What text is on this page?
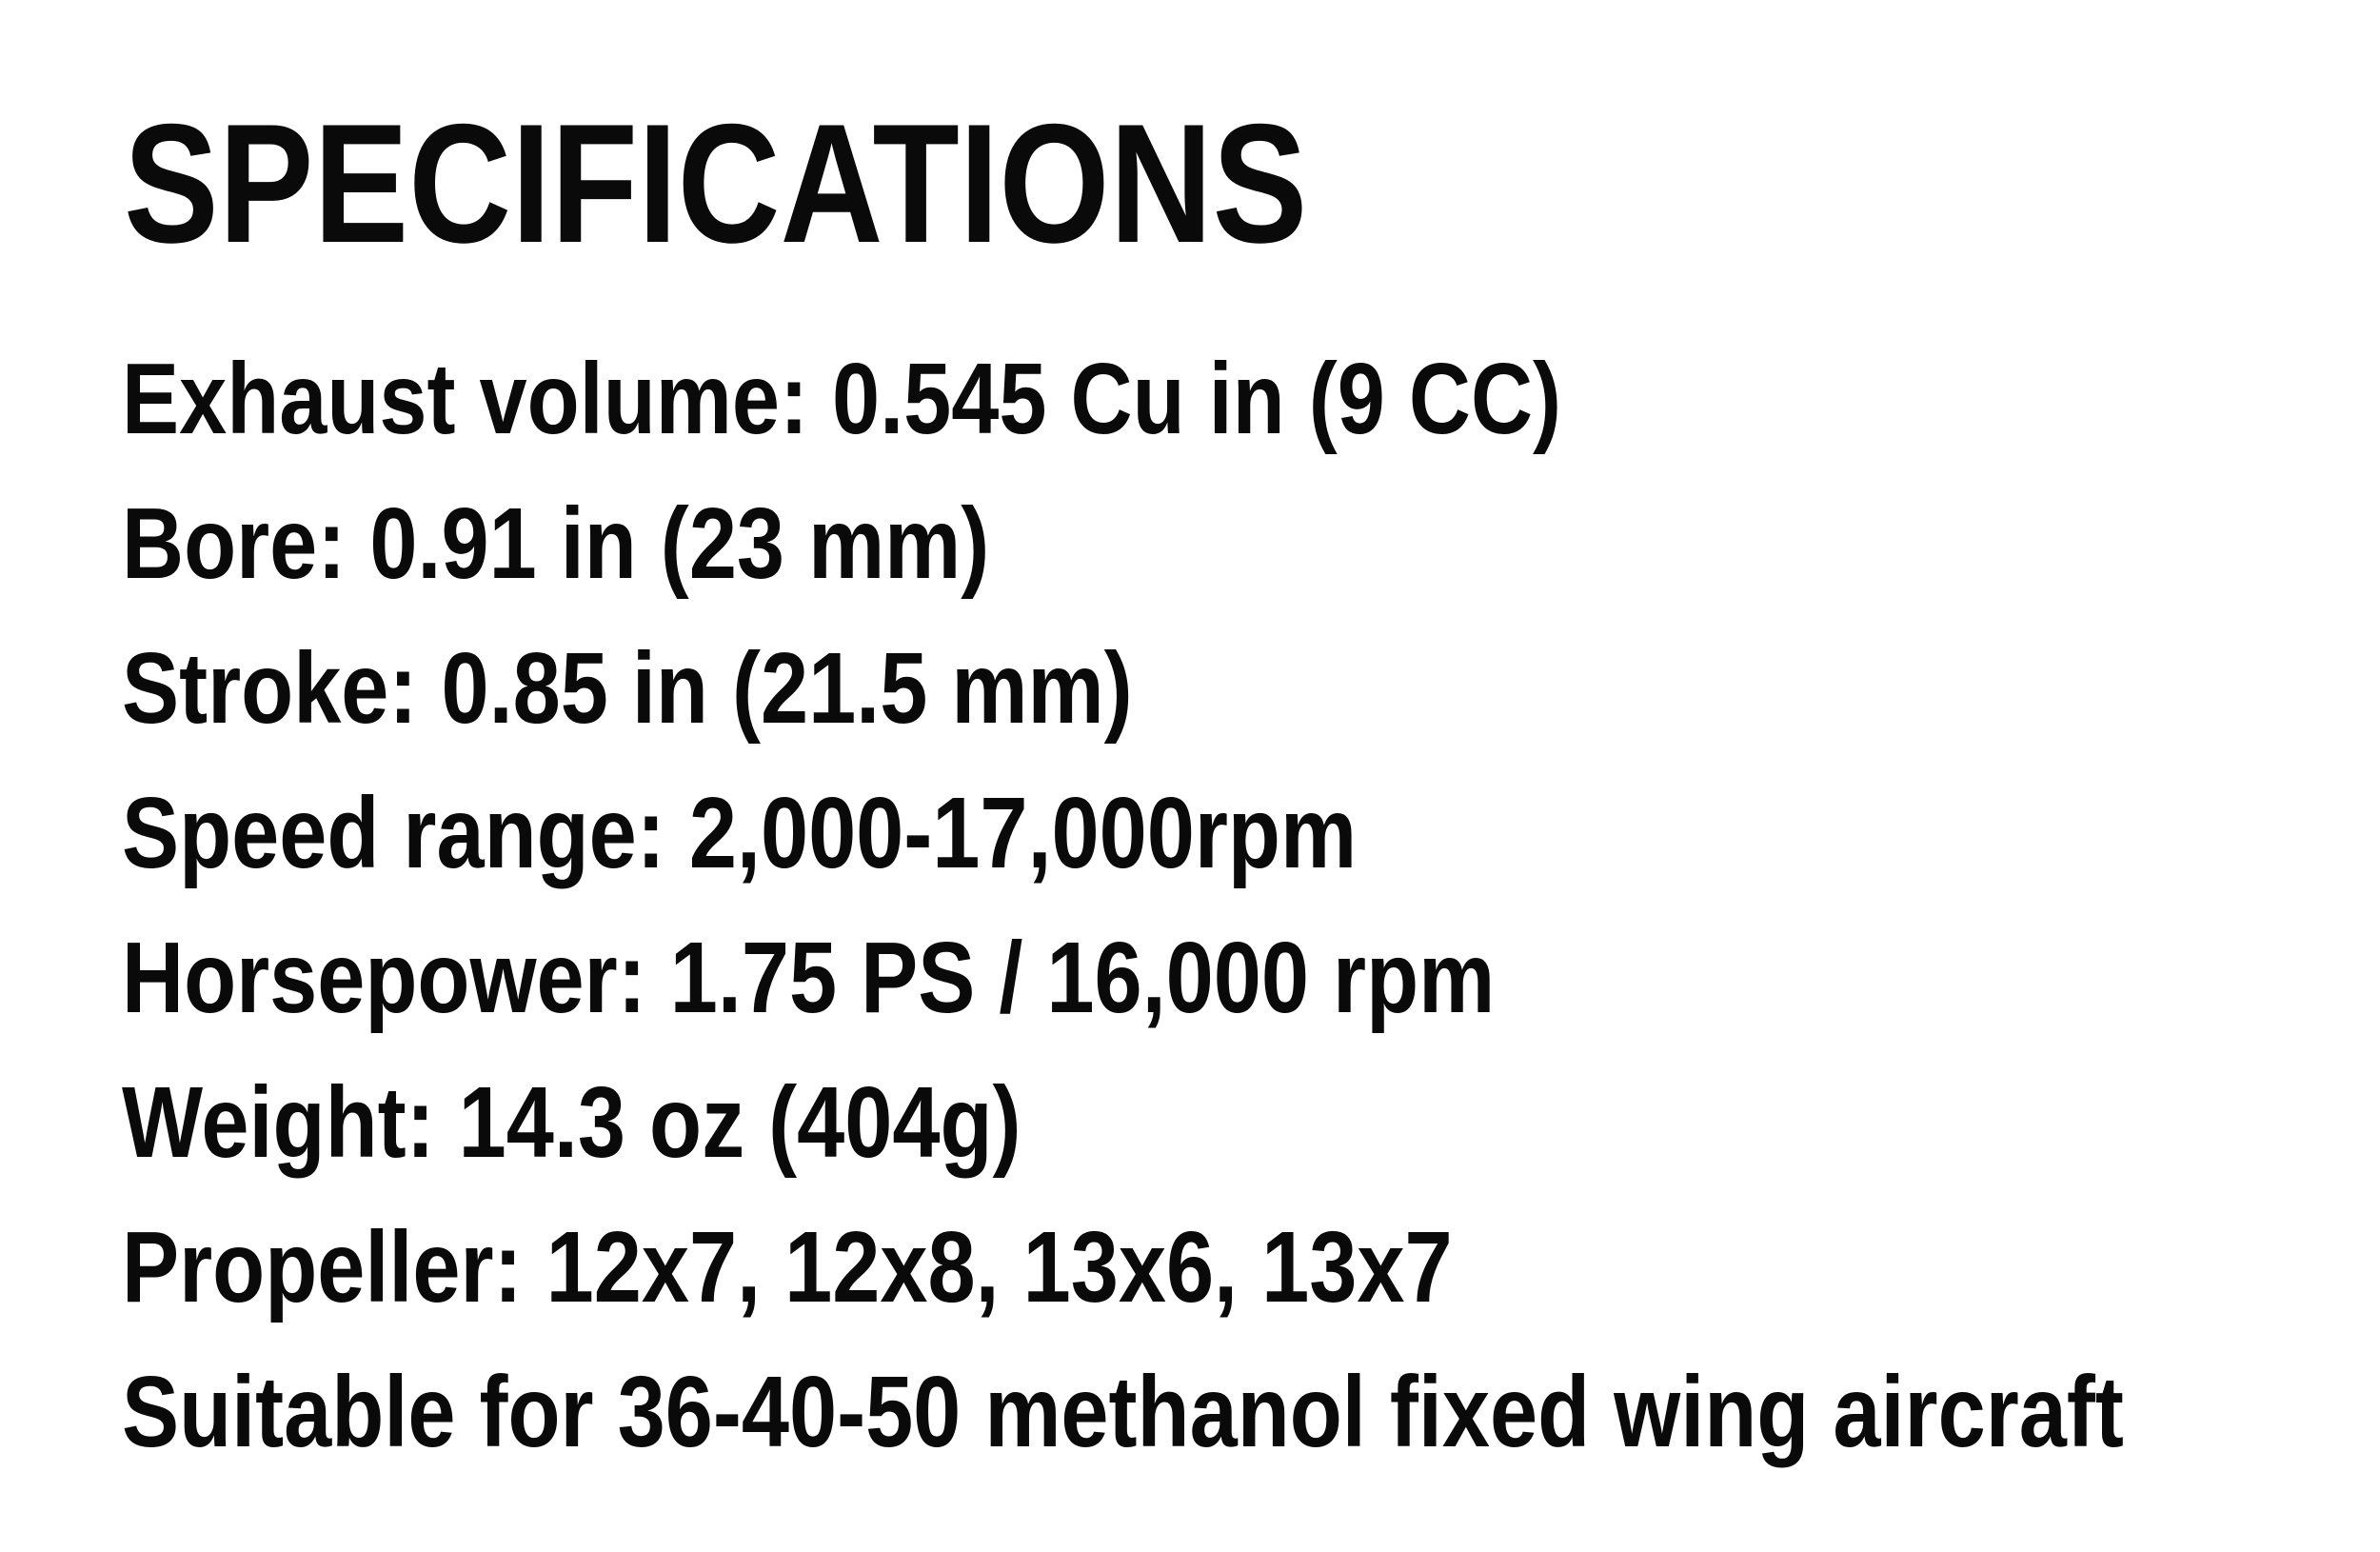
SPECIFICATIONS
Exhaust volume: 0.545 Cu in (9 CC)
Bore: 0.91 in (23 mm)
Stroke: 0.85 in (21.5 mm)
Speed range: 2,000-17,000rpm
Horsepower: 1.75 PS / 16,000 rpm
Weight: 14.3 oz (404g)
Propeller: 12x7, 12x8, 13x6, 13x7
Suitable for 36-40-50 methanol fixed wing aircraft
